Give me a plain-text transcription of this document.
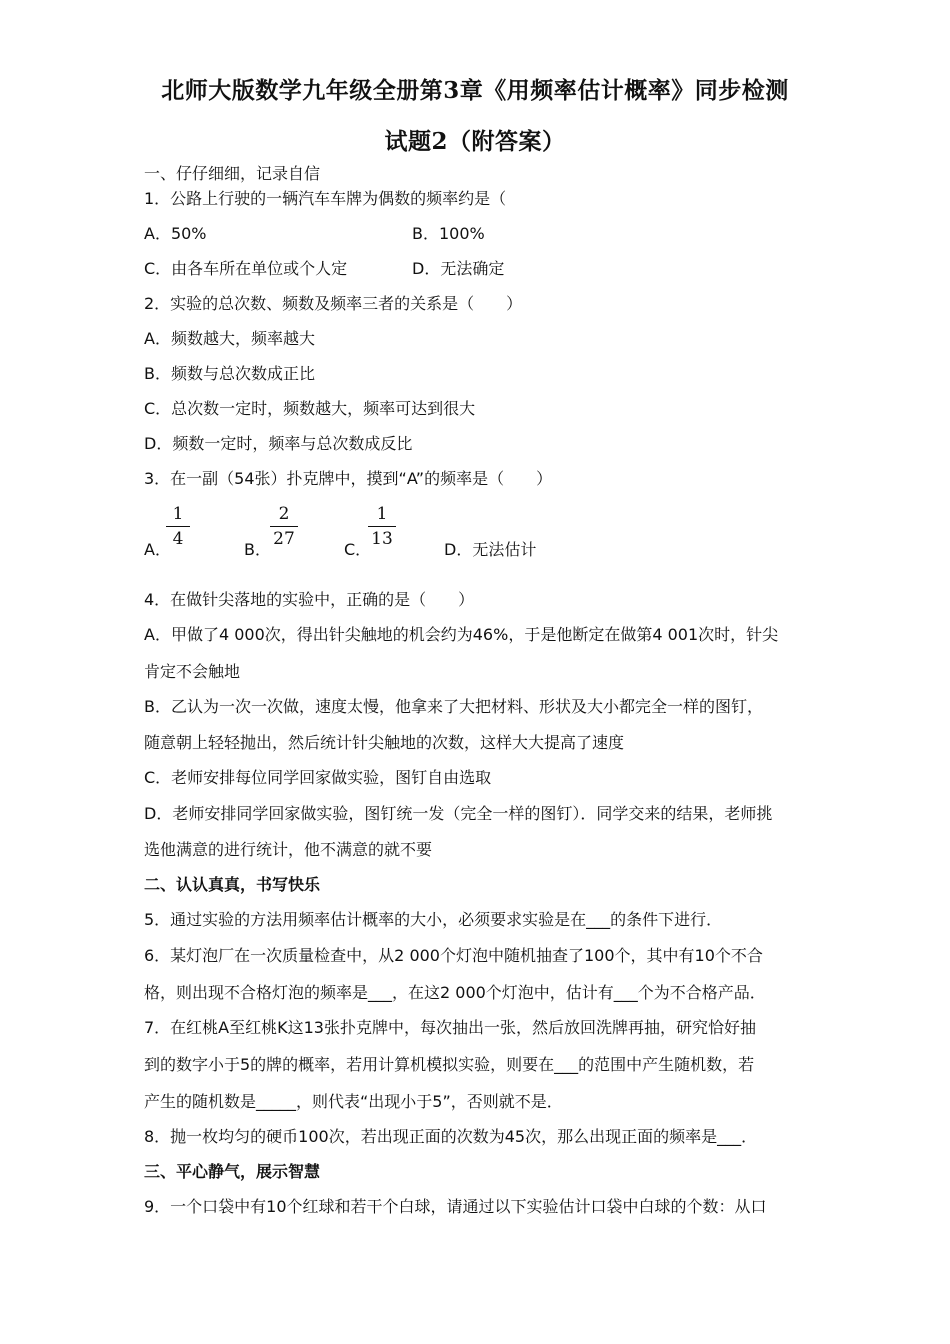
北师大版数学九年级全册第3章《用频率估计概率》同步检测
试题2（附答案）
一、仔仔细细，记录自信
1．公路上行驶的一辆汽车车牌为偶数的频率约是（
A．50%	B．100%
C．由各车所在单位或个人定	D．无法确定
2．实验的总次数、频数及频率三者的关系是（　　）
A．频数越大，频率越大
B．频数与总次数成正比
C．总次数一定时，频数越大，频率可达到很大
D．频数一定时，频率与总次数成反比
3．在一副（54张）扑克牌中，摸到“A”的频率是（　　）
A．
1
4
B．
2
27
C．
1
13
D．无法估计
4．在做针尖落地的实验中，正确的是（　　）
A．甲做了4 000次，得出针尖触地的机会约为46%，于是他断定在做第4 001次时，针尖
肯定不会触地
B．乙认为一次一次做，速度太慢，他拿来了大把材料、形状及大小都完全一样的图钉，
随意朝上轻轻抛出，然后统计针尖触地的次数，这样大大提高了速度
C．老师安排每位同学回家做实验，图钉自由选取
D．老师安排同学回家做实验，图钉统一发（完全一样的图钉）．同学交来的结果，老师挑
选他满意的进行统计，他不满意的就不要
二、认认真真，书写快乐
5．通过实验的方法用频率估计概率的大小，必须要求实验是在___的条件下进行．
6．某灯泡厂在一次质量检查中，从2 000个灯泡中随机抽查了100个，其中有10个不合
格，则出现不合格灯泡的频率是___，在这2 000个灯泡中，估计有___个为不合格产品．
7．在红桃A至红桃K这13张扑克牌中，每次抽出一张，然后放回洗牌再抽，研究恰好抽
到的数字小于5的牌的概率，若用计算机模拟实验，则要在___的范围中产生随机数，若
产生的随机数是_____，则代表“出现小于5”，否则就不是．
8．抛一枚均匀的硬币100次，若出现正面的次数为45次，那么出现正面的频率是___．
三、平心静气，展示智慧
9．一个口袋中有10个红球和若干个白球，请通过以下实验估计口袋中白球的个数：从口
